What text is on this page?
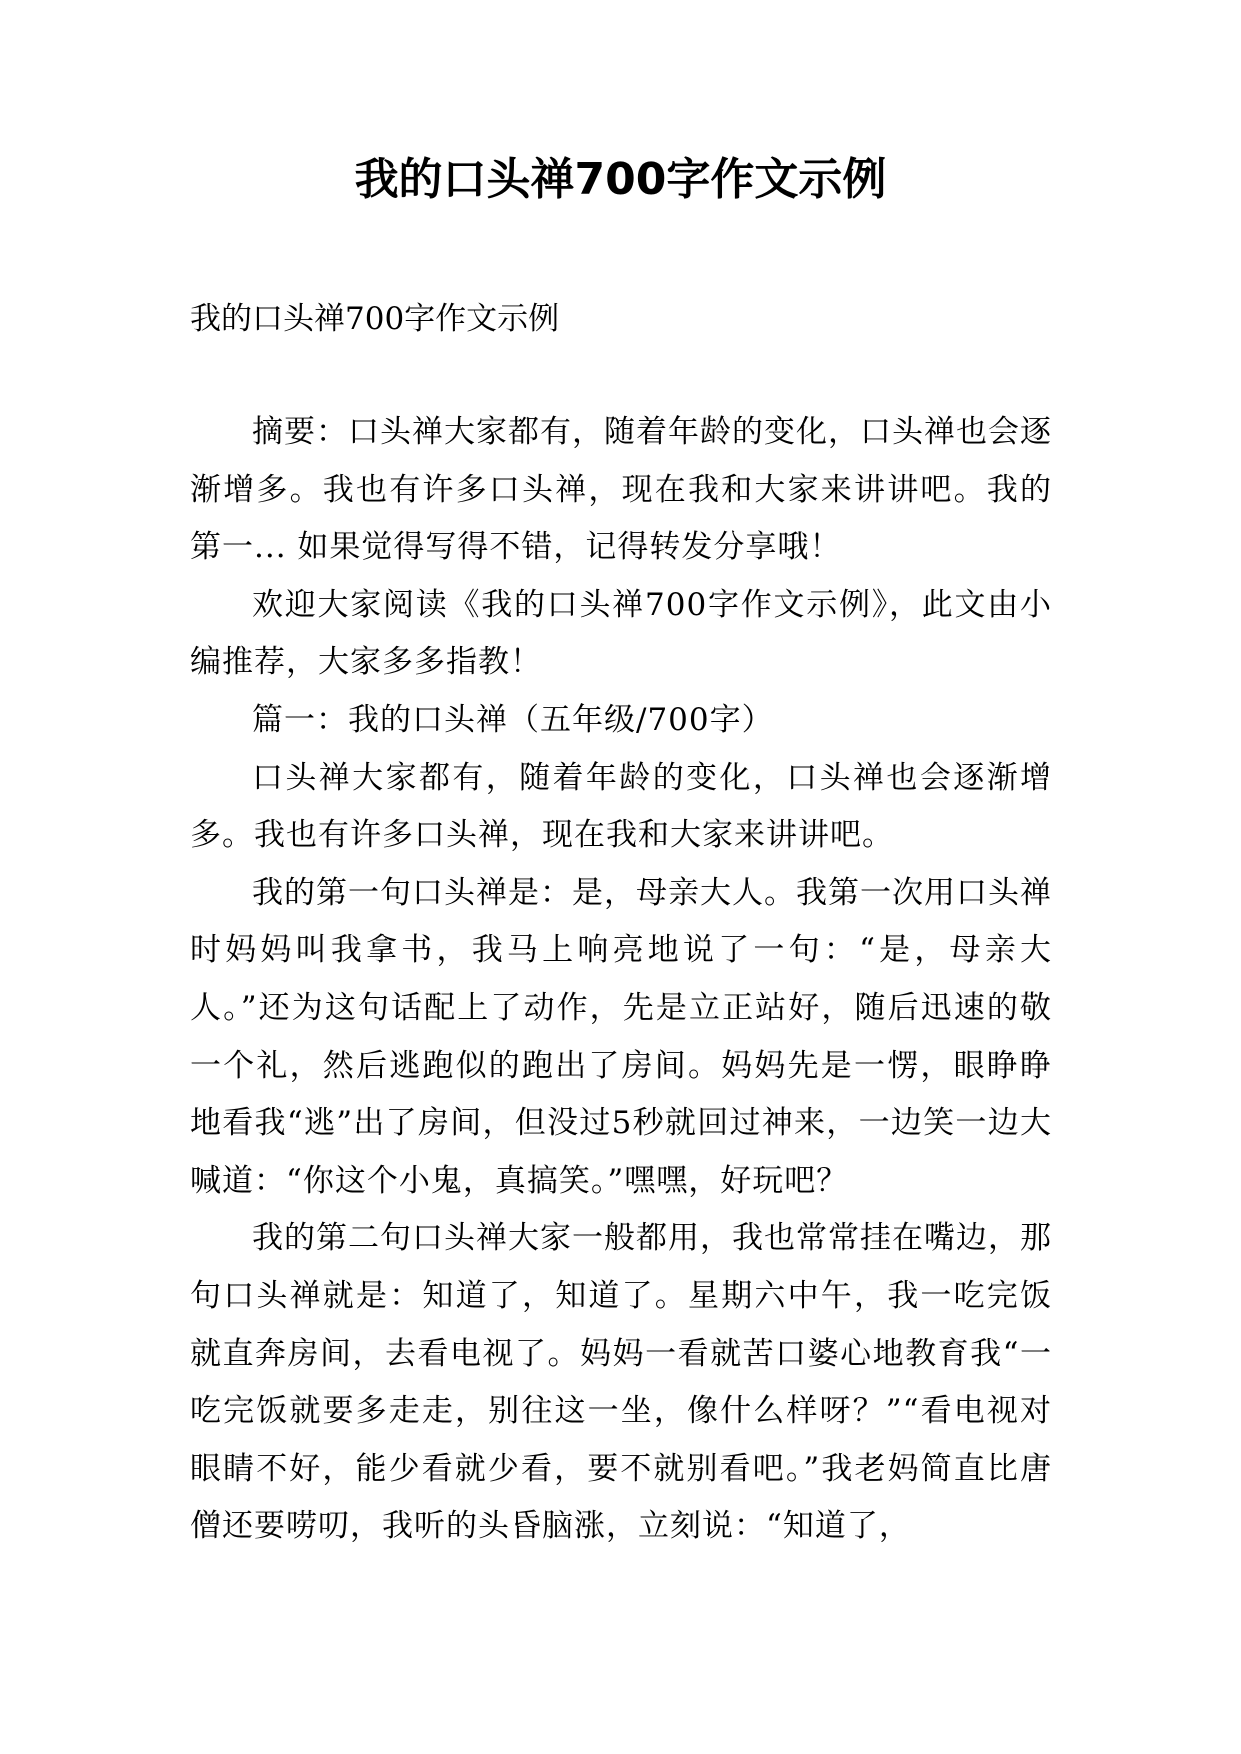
我的口头禅700字作文示例

我的口头禅700字作文示例

摘要：口头禅大家都有，随着年龄的变化，口头禅也会逐渐增多。我也有许多口头禅，现在我和大家来讲讲吧。我的第一... 如果觉得写得不错，记得转发分享哦！

欢迎大家阅读《我的口头禅700字作文示例》，此文由小编推荐，大家多多指教！

篇一：我的口头禅（五年级/700字）

口头禅大家都有，随着年龄的变化，口头禅也会逐渐增多。我也有许多口头禅，现在我和大家来讲讲吧。

我的第一句口头禅是：是，母亲大人。我第一次用口头禅时妈妈叫我拿书，我马上响亮地说了一句：“是，母亲大人。”还为这句话配上了动作，先是立正站好，随后迅速的敬一个礼，然后逃跑似的跑出了房间。妈妈先是一愣，眼睁睁地看我“逃”出了房间，但没过5秒就回过神来，一边笑一边大喊道：“你这个小鬼，真搞笑。”嘿嘿，好玩吧？

我的第二句口头禅大家一般都用，我也常常挂在嘴边，那句口头禅就是：知道了，知道了。星期六中午，我一吃完饭就直奔房间，去看电视了。妈妈一看就苦口婆心地教育我“一吃完饭就要多走走，别往这一坐，像什么样呀？”“看电视对眼睛不好，能少看就少看，要不就别看吧。”我老妈简直比唐僧还要唠叨，我听的头昏脑涨，立刻说：“知道了，
